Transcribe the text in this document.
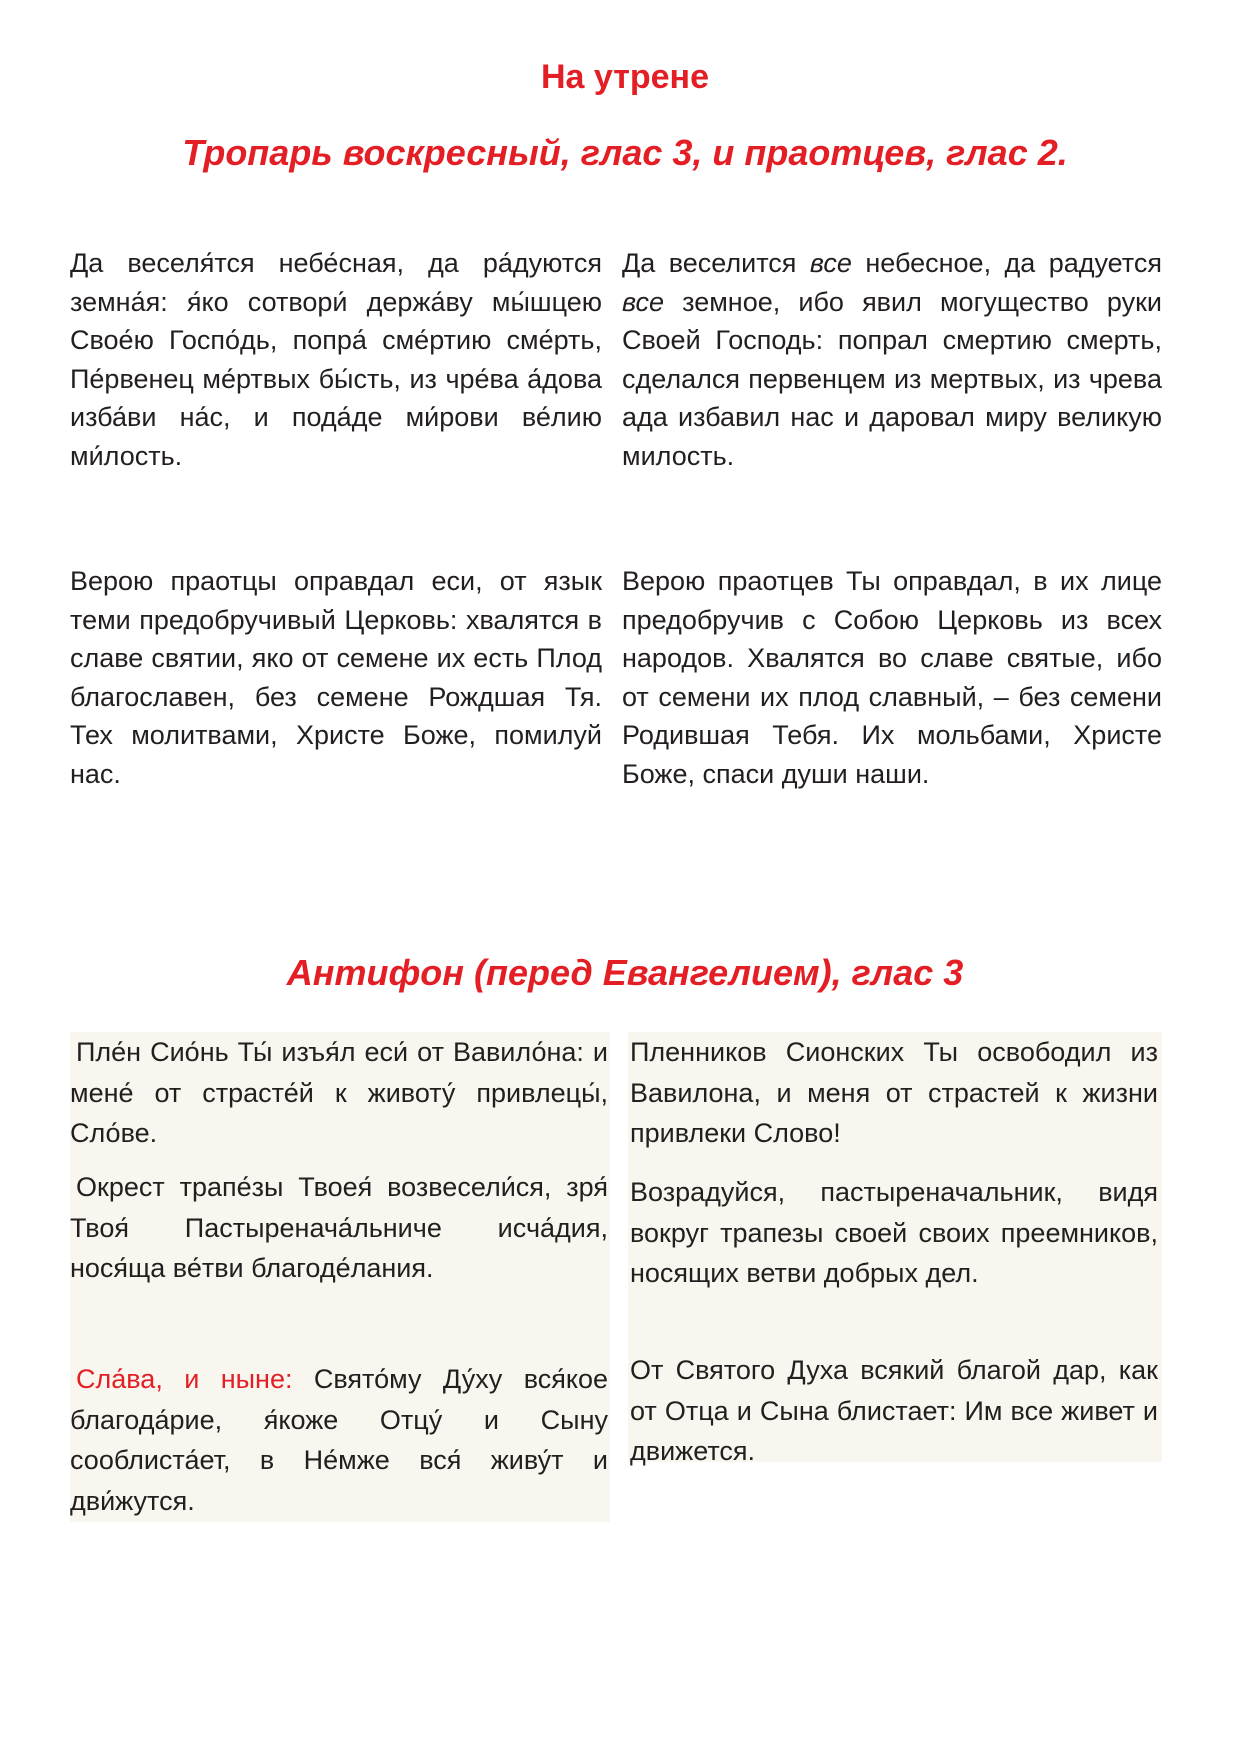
На утрене
Тропарь воскресный, глас 3, и праотцев, глас 2.

Да веселя́тся небе́сная, да ра́дуются земна́я: я́ко сотвори́ держа́ву мы́шцею Свое́ю Госпо́дь, попра́ сме́ртию сме́рть, Пе́рвенец ме́ртвых бы́сть, из чре́ва а́дова изба́ви на́с, и пода́де ми́рови ве́лию ми́лость.

Да веселится все небесное, да радуется все земное, ибо явил могущество руки Своей Господь: попрал смертию смерть, сделался первенцем из мертвых, из чрева ада избавил нас и даровал миру великую милость.

Верою праотцы оправдал еси, от язык теми предобручивый Церковь: хвалятся в славе святии, яко от семене их есть Плод благославен, без семене Рождшая Тя. Тех молитвами, Христе Боже, помилуй нас.

Верою праотцев Ты оправдал, в их лице предобручив с Собою Церковь из всех народов. Хвалятся во славе святые, ибо от семени их плод славный, – без семени Родившая Тебя. Их мольбами, Христе Боже, спаси души наши.

Антифон (перед Евангелием), глас 3

Пле́н Сио́нь Ты́ изъя́л еси́ от Вавило́на: и мене́ от страсте́й к животу́ привлецы́, Сло́ве.

Окрест трапе́зы Твоея́ возвесели́ся, зря́ Твоя́ Пастыренача́льниче исча́дия, нося́ща ве́тви благоде́лания.

Сла́ва, и ныне: Свято́му Ду́ху вся́кое благода́рие, я́коже Отцу́ и Сыну сооблиста́ет, в Не́мже вся́ живу́т и дви́жутся.

Пленников Сионских Ты освободил из Вавилона, и меня от страстей к жизни привлеки Слово!

Возрадуйся, пастыреначальник, видя вокруг трапезы своей своих преемников, носящих ветви добрых дел.

От Святого Духа всякий благой дар, как от Отца и Сына блистает: Им все живет и движется.
